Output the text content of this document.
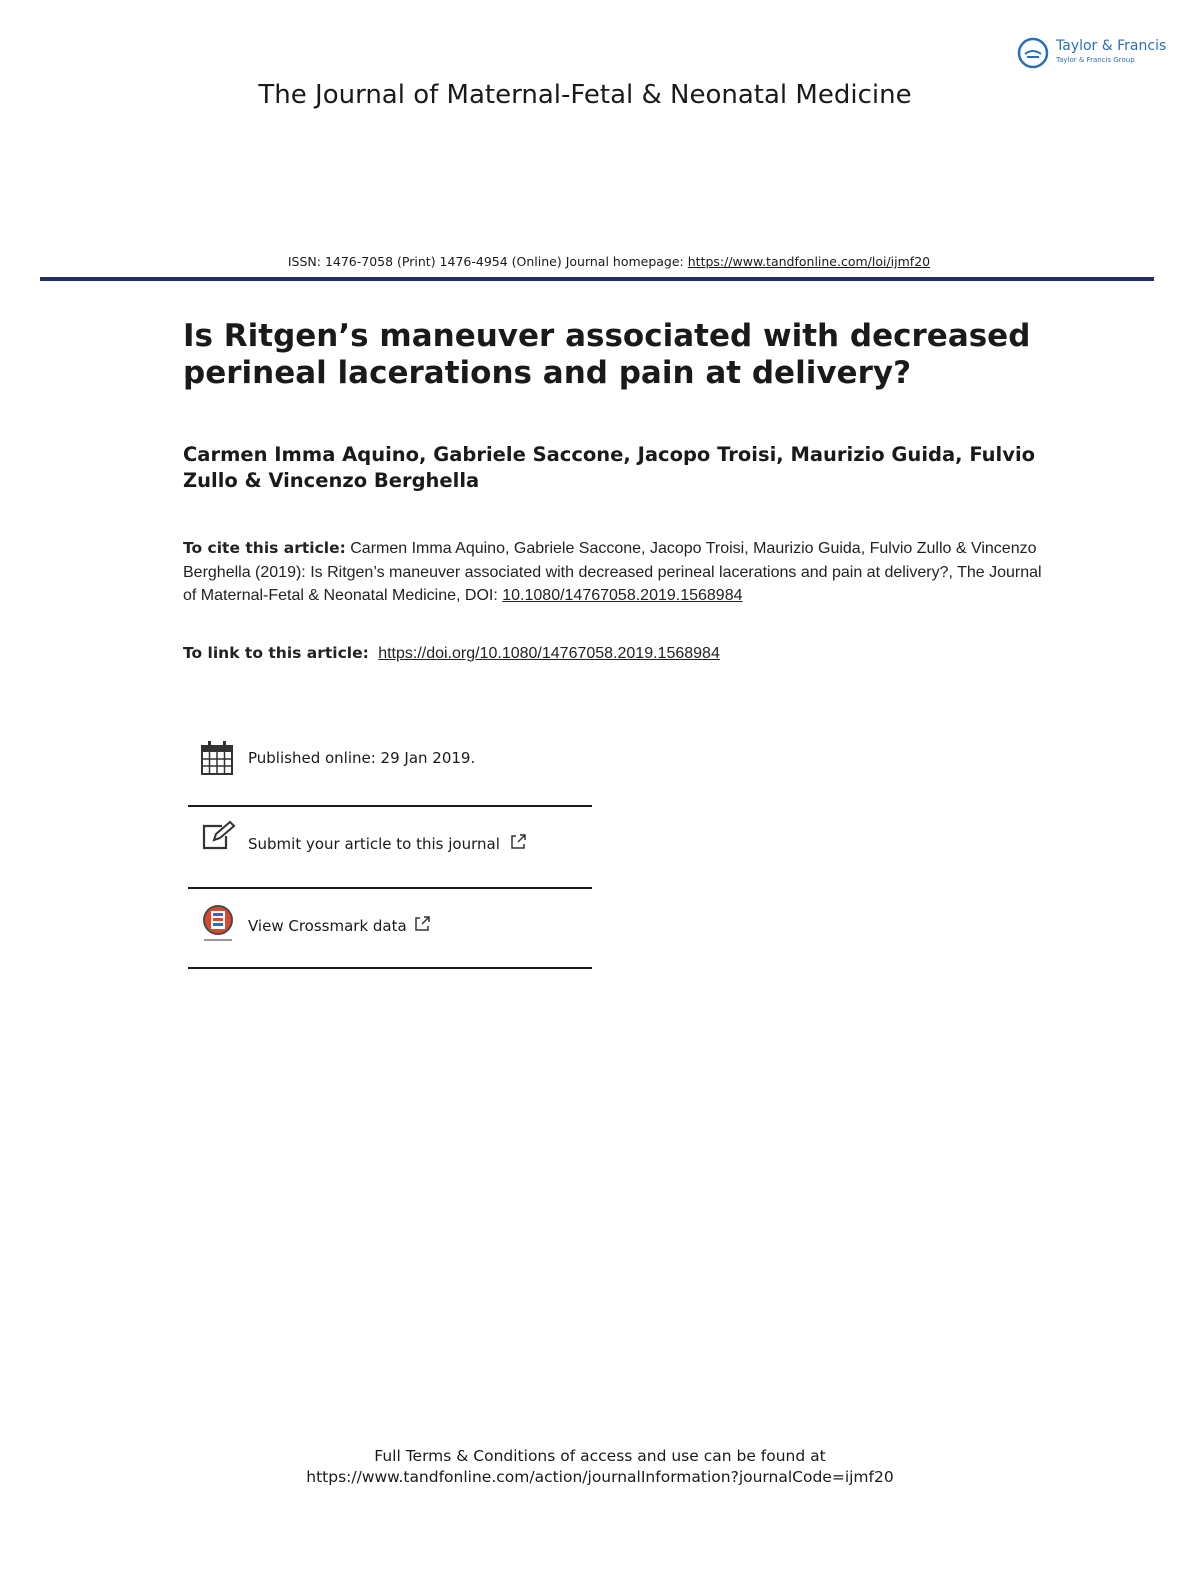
Taylor & Francis
Taylor & Francis Group
The Journal of Maternal-Fetal & Neonatal Medicine
ISSN: 1476-7058 (Print) 1476-4954 (Online) Journal homepage: https://www.tandfonline.com/loi/ijmf20
Is Ritgen’s maneuver associated with decreased perineal lacerations and pain at delivery?
Carmen Imma Aquino, Gabriele Saccone, Jacopo Troisi, Maurizio Guida, Fulvio Zullo & Vincenzo Berghella
To cite this article: Carmen Imma Aquino, Gabriele Saccone, Jacopo Troisi, Maurizio Guida, Fulvio Zullo & Vincenzo Berghella (2019): Is Ritgen’s maneuver associated with decreased perineal lacerations and pain at delivery?, The Journal of Maternal-Fetal & Neonatal Medicine, DOI: 10.1080/14767058.2019.1568984
To link to this article: https://doi.org/10.1080/14767058.2019.1568984
Published online: 29 Jan 2019.
Submit your article to this journal
View Crossmark data
Full Terms & Conditions of access and use can be found at
https://www.tandfonline.com/action/journalInformation?journalCode=ijmf20
